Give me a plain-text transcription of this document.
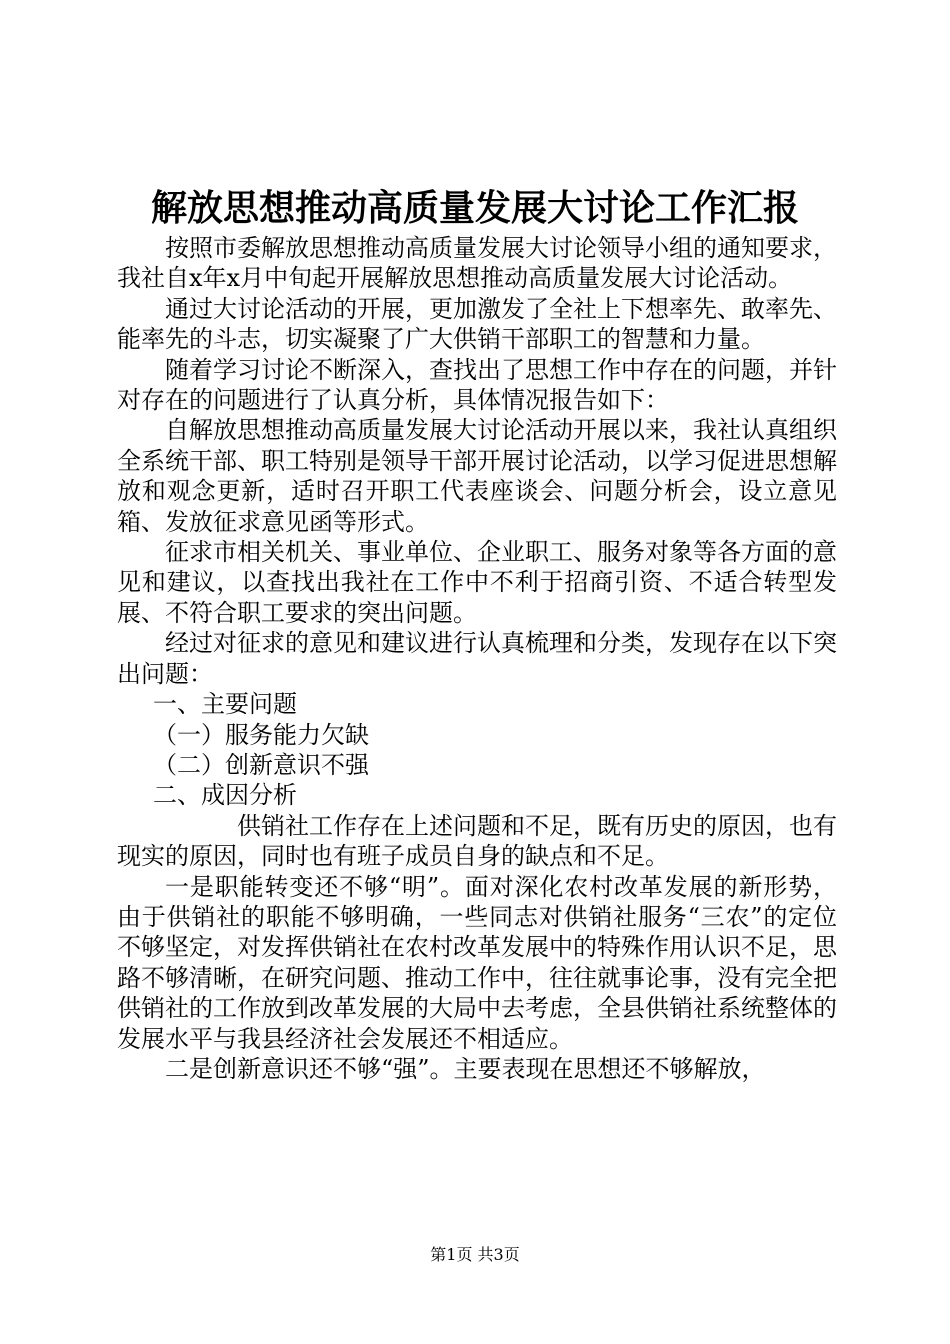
解放思想推动高质量发展大讨论工作汇报

按照市委解放思想推动高质量发展大讨论领导小组的通知要求，我社自x年x月中旬起开展解放思想推动高质量发展大讨论活动。

通过大讨论活动的开展，更加激发了全社上下想率先、敢率先、能率先的斗志，切实凝聚了广大供销干部职工的智慧和力量。

随着学习讨论不断深入，查找出了思想工作中存在的问题，并针对存在的问题进行了认真分析，具体情况报告如下：

自解放思想推动高质量发展大讨论活动开展以来，我社认真组织全系统干部、职工特别是领导干部开展讨论活动，以学习促进思想解放和观念更新，适时召开职工代表座谈会、问题分析会，设立意见箱、发放征求意见函等形式。

征求市相关机关、事业单位、企业职工、服务对象等各方面的意见和建议，以查找出我社在工作中不利于招商引资、不适合转型发展、不符合职工要求的突出问题。

经过对征求的意见和建议进行认真梳理和分类，发现存在以下突出问题：

一、主要问题

（一）服务能力欠缺

（二）创新意识不强

二、成因分析

供销社工作存在上述问题和不足，既有历史的原因，也有现实的原因，同时也有班子成员自身的缺点和不足。

一是职能转变还不够“明”。面对深化农村改革发展的新形势，由于供销社的职能不够明确，一些同志对供销社服务“三农”的定位不够坚定，对发挥供销社在农村改革发展中的特殊作用认识不足，思路不够清晰，在研究问题、推动工作中，往往就事论事，没有完全把供销社的工作放到改革发展的大局中去考虑，全县供销社系统整体的发展水平与我县经济社会发展还不相适应。

二是创新意识还不够“强”。主要表现在思想还不够解放，

第1页 共3页
